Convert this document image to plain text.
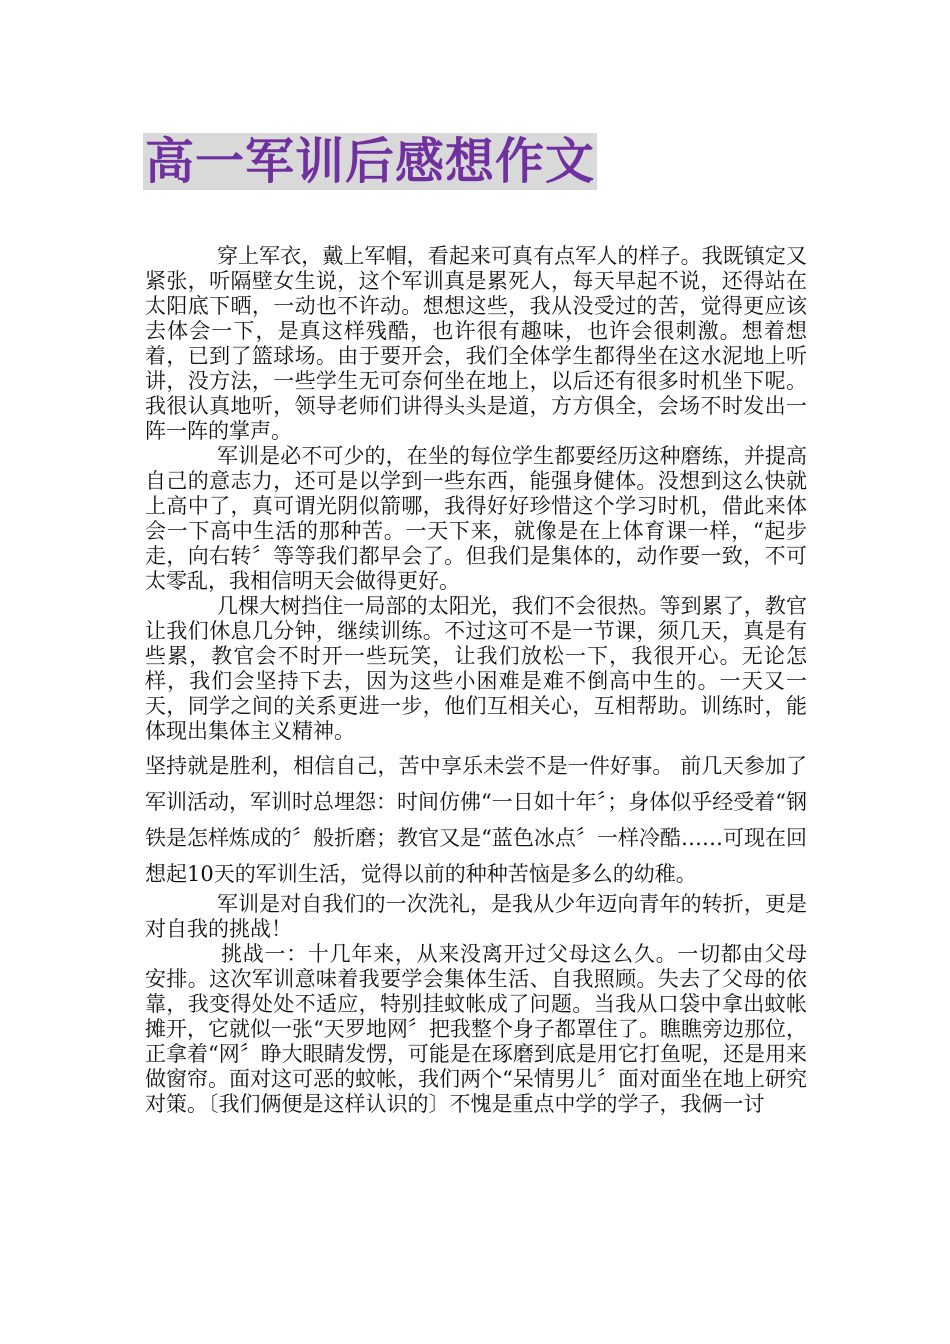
高一军训后感想作文

穿上军衣，戴上军帽，看起来可真有点军人的样子。我既镇定又紧张，听隔壁女生说，这个军训真是累死人，每天早起不说，还得站在太阳底下晒，一动也不许动。想想这些，我从没受过的苦，觉得更应该去体会一下，是真这样残酷，也许很有趣味，也许会很刺激。想着想着，已到了篮球场。由于要开会，我们全体学生都得坐在这水泥地上听讲，没方法，一些学生无可奈何坐在地上，以后还有很多时机坐下呢。我很认真地听，领导老师们讲得头头是道，方方俱全，会场不时发出一阵一阵的掌声。

军训是必不可少的，在坐的每位学生都要经历这种磨练，并提高自己的意志力，还可是以学到一些东西，能强身健体。没想到这么快就上高中了，真可谓光阴似箭哪，我得好好珍惜这个学习时机，借此来体会一下高中生活的那种苦。一天下来，就像是在上体育课一样，“起步走，向右转〞等等我们都早会了。但我们是集体的，动作要一致，不可太零乱，我相信明天会做得更好。

几棵大树挡住一局部的太阳光，我们不会很热。等到累了，教官让我们休息几分钟，继续训练。不过这可不是一节课，须几天，真是有些累，教官会不时开一些玩笑，让我们放松一下，我很开心。无论怎样，我们会坚持下去，因为这些小困难是难不倒高中生的。一天又一天，同学之间的关系更进一步，他们互相关心，互相帮助。训练时，能体现出集体主义精神。

坚持就是胜利，相信自己，苦中享乐未尝不是一件好事。 前几天参加了军训活动，军训时总埋怨：时间仿佛“一日如十年〞；身体似乎经受着“钢铁是怎样炼成的〞般折磨；教官又是“蓝色冰点〞一样冷酷……可现在回想起10天的军训生活，觉得以前的种种苦恼是多么的幼稚。

军训是对自我们的一次洗礼，是我从少年迈向青年的转折，更是对自我的挑战！

挑战一：十几年来，从来没离开过父母这么久。一切都由父母安排。这次军训意味着我要学会集体生活、自我照顾。失去了父母的依靠，我变得处处不适应，特别挂蚊帐成了问题。当我从口袋中拿出蚊帐摊开，它就似一张“天罗地网〞把我整个身子都罩住了。瞧瞧旁边那位，正拿着“网〞睁大眼睛发愣，可能是在琢磨到底是用它打鱼呢，还是用来做窗帘。面对这可恶的蚊帐，我们两个“呆情男儿〞面对面坐在地上研究对策。〔我们俩便是这样认识的〕不愧是重点中学的学子，我俩一讨
